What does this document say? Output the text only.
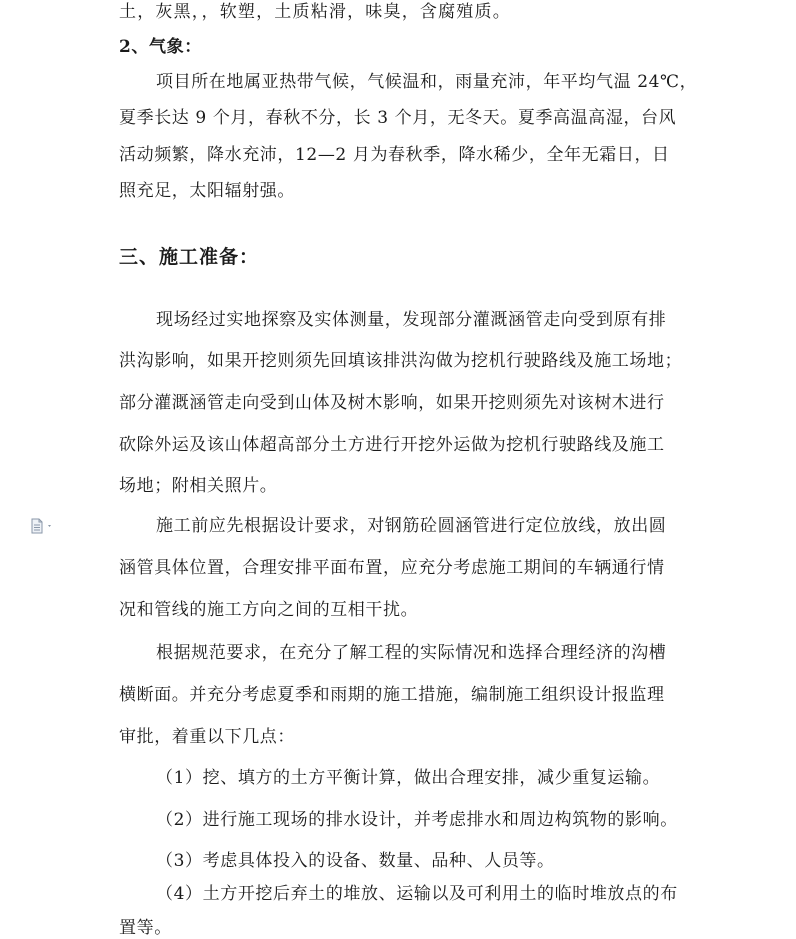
土，灰黑，，软塑，土质粘滑，味臭，含腐殖质。
2、气象：
项目所在地属亚热带气候，气候温和，雨量充沛，年平均气温 24℃，
夏季长达 9 个月，春秋不分，长 3 个月，无冬天。夏季高温高湿，台风
活动频繁，降水充沛，12—2 月为春秋季，降水稀少，全年无霜日，日
照充足，太阳辐射强。
三、施工准备：
现场经过实地探察及实体测量，发现部分灌溉涵管走向受到原有排
洪沟影响，如果开挖则须先回填该排洪沟做为挖机行驶路线及施工场地；
部分灌溉涵管走向受到山体及树木影响，如果开挖则须先对该树木进行
砍除外运及该山体超高部分土方进行开挖外运做为挖机行驶路线及施工
场地；附相关照片。
施工前应先根据设计要求，对钢筋砼圆涵管进行定位放线，放出圆
涵管具体位置，合理安排平面布置，应充分考虑施工期间的车辆通行情
况和管线的施工方向之间的互相干扰。
根据规范要求，在充分了解工程的实际情况和选择合理经济的沟槽
横断面。并充分考虑夏季和雨期的施工措施，编制施工组织设计报监理
审批，着重以下几点：
（1）挖、填方的土方平衡计算，做出合理安排，减少重复运输。
（2）进行施工现场的排水设计，并考虑排水和周边构筑物的影响。
（3）考虑具体投入的设备、数量、品种、人员等。
（4）土方开挖后弃土的堆放、运输以及可利用土的临时堆放点的布
置等。
